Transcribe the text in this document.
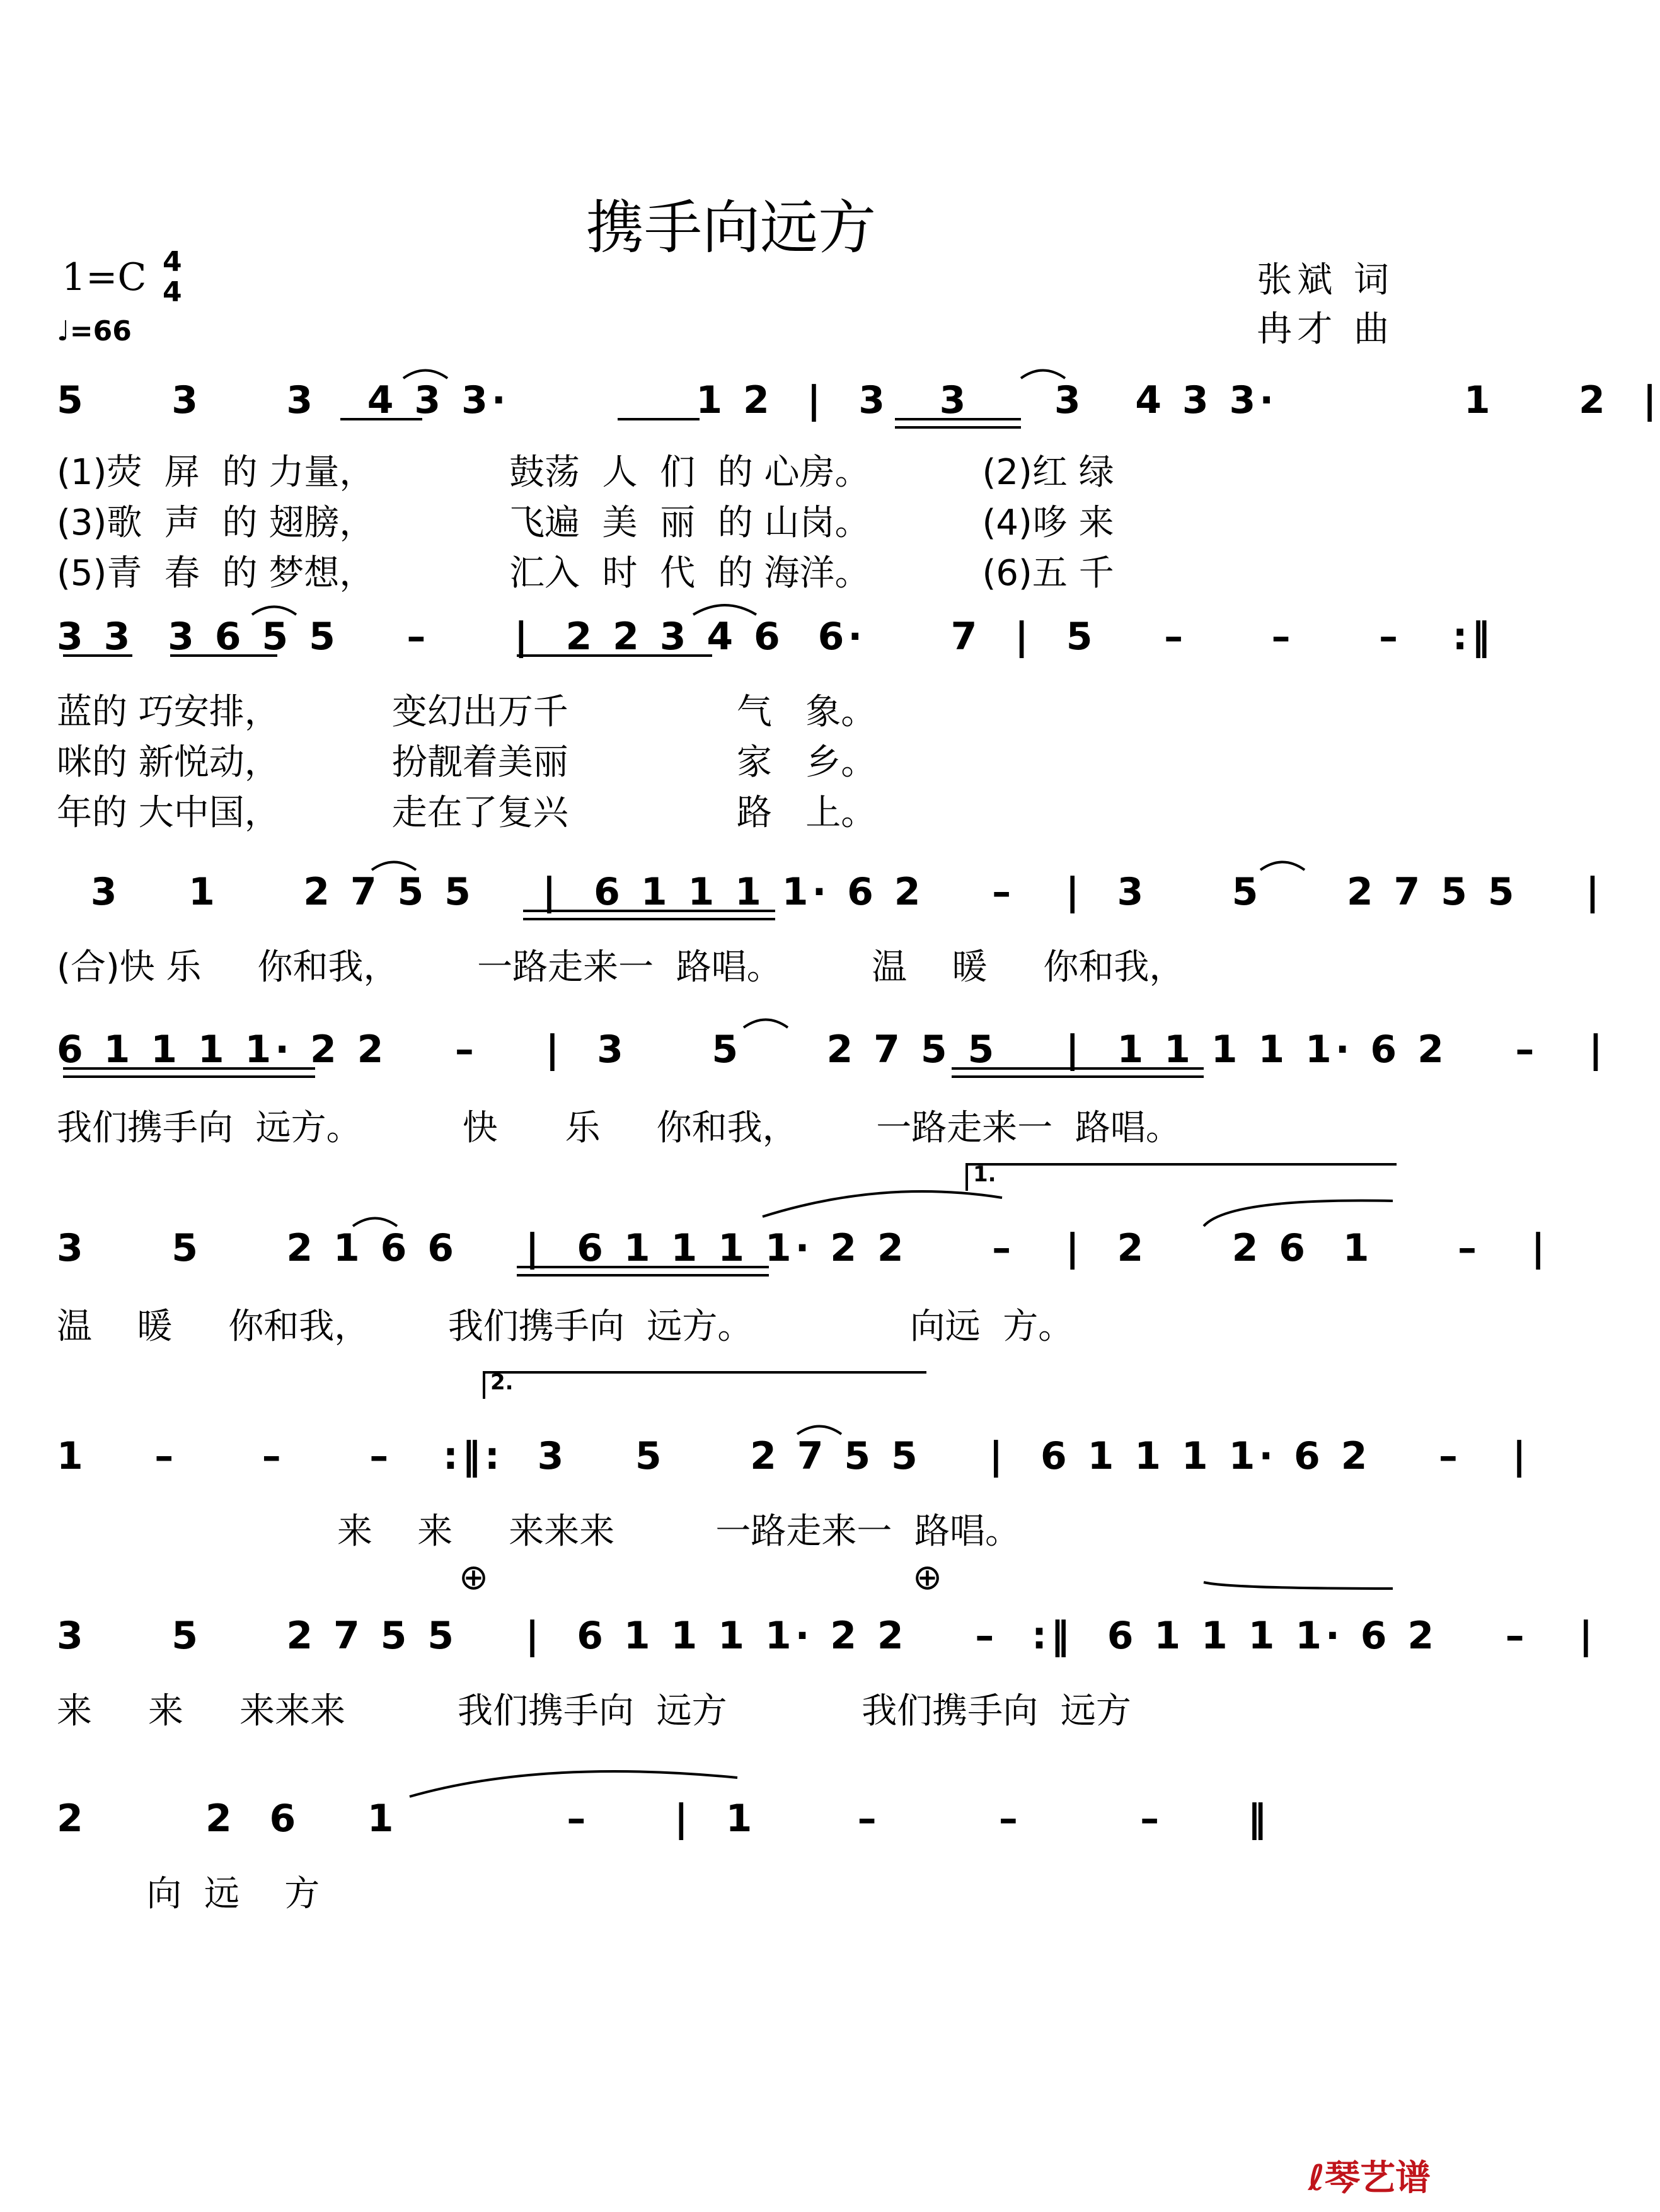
携手向远方
1=C 4
4
♩=66
张斌 词
冉才 曲
5     3     3   4 3 3·           1 2  |  3   3     3   4 3 3·           1     2  |
(1)荧  屏  的 力量，            鼓荡  人  们  的 心房。          (2)红 绿
(3)歌  声  的 翅膀，            飞遍  美  丽  的 山岗。          (4)哆 来
(5)青  春  的 梦想，            汇入  时  代  的 海洋。          (6)五 千
3 3  3 6 5 5    –     |  2 2 3 4 6  6·     7  |  5    –     –     –   :‖
蓝的 巧安排，          变幻出万千               气   象。
咪的 新悦动，          扮靓着美丽               家   乡。
年的 大中国，          走在了复兴               路   上。
3    1     2 7 5 5    |  6 1 1 1 1· 6 2    –   |  3     5     2 7 5 5    |
(合)快 乐     你和我，       一路走来一  路唱。        温    暖     你和我，
6 1 1 1 1· 2 2    –    |  3     5     2 7 5 5    |  1 1 1 1 1· 6 2    –   |
我们携手向  远方。         快      乐     你和我，       一路走来一  路唱。
3     5     2 1 6 6    |  6 1 1 1 1· 2 2     –   |  2     2 6  1     –   |
温    暖     你和我，       我们携手向  远方。              向远  方。
1    –     –     –   :‖:  3    5     2 7 5 5    |  6 1 1 1 1· 6 2    –   |
来    来     来来来         一路走来一  路唱。
3     5     2 7 5 5    |  6 1 1 1 1· 2 2    –  :‖  6 1 1 1 1· 6 2    –   |
来     来     来来来          我们携手向  远方            我们携手向  远方
2       2  6    1          –     |  1      –       –       –     ‖
向  远    方
1.
2.
⊕	⊕
ℓ琴艺谱
